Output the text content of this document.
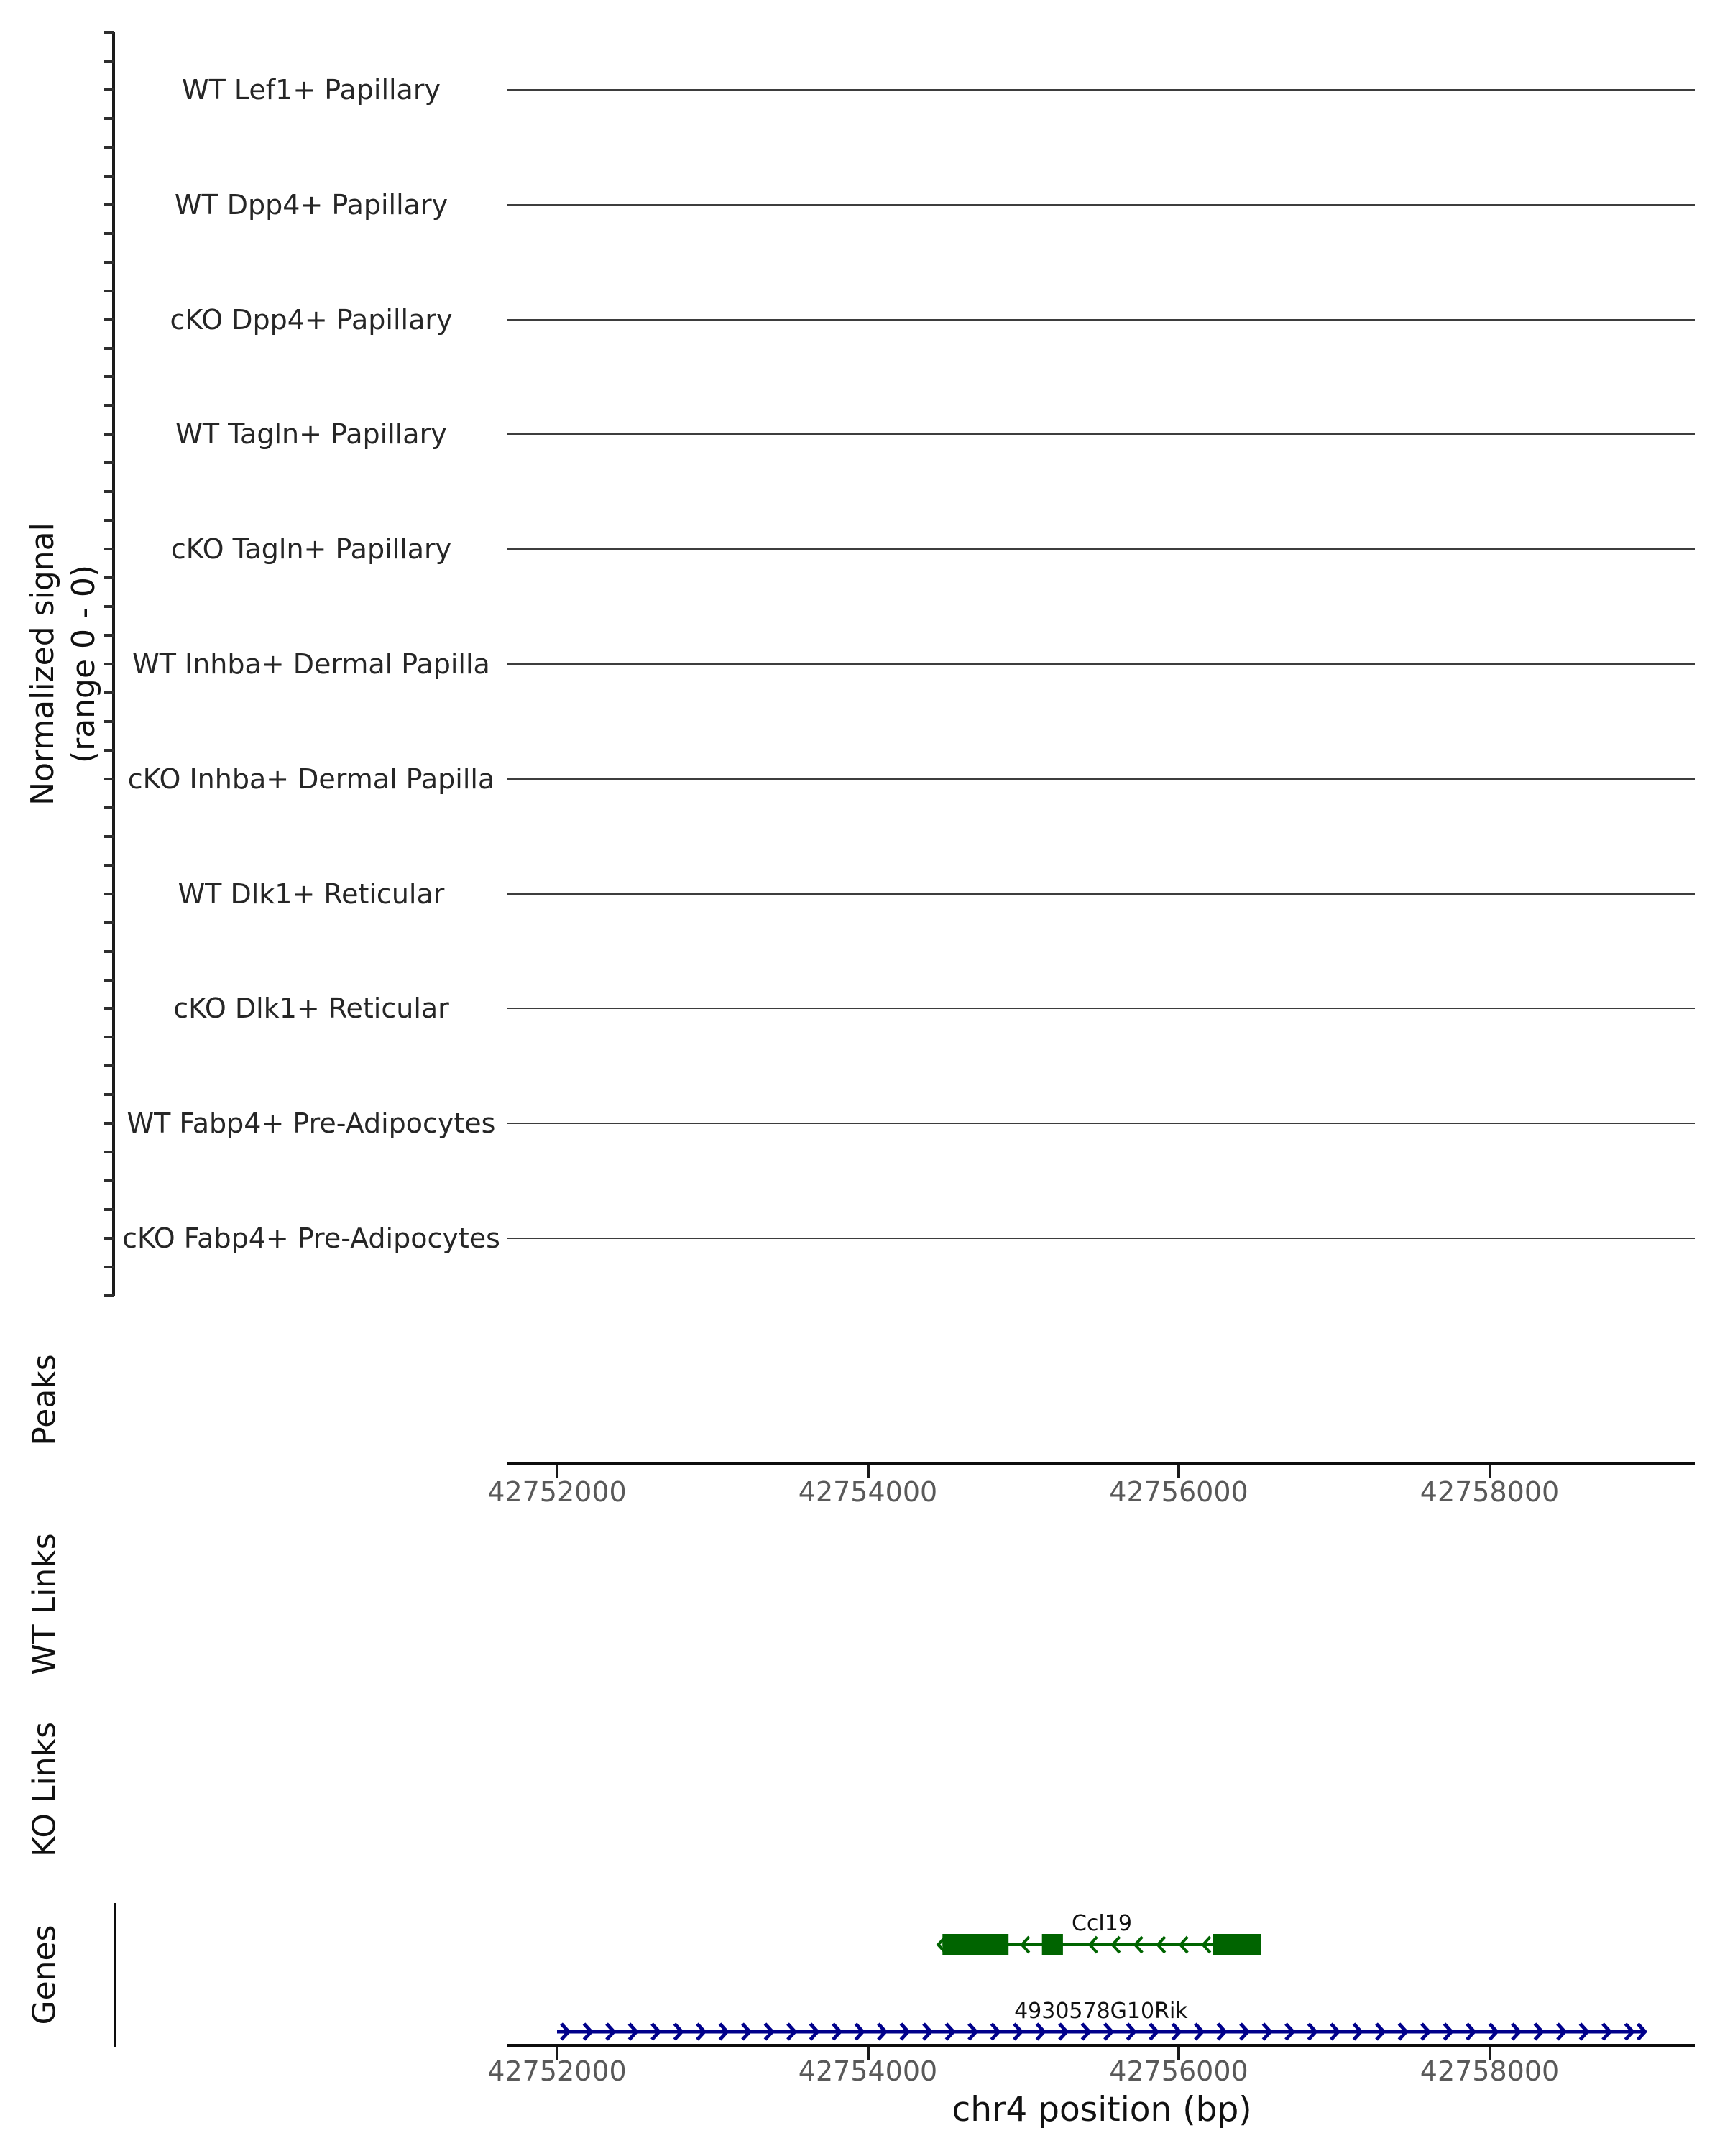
Normalized signal (range 0 - 0)
Peaks
WT Links
KO Links
Genes
WT Lef1+ Papillary
WT Dpp4+ Papillary
cKO Dpp4+ Papillary
WT Tagln+ Papillary
cKO Tagln+ Papillary
WT Inhba+ Dermal Papilla
cKO Inhba+ Dermal Papilla
WT Dlk1+ Reticular
cKO Dlk1+ Reticular
WT Fabp4+ Pre-Adipocytes
cKO Fabp4+ Pre-Adipocytes
42752000	42754000	42756000	42758000
Ccl19
4930578G10Rik
42752000	42754000	42756000	42758000
chr4 position (bp)
